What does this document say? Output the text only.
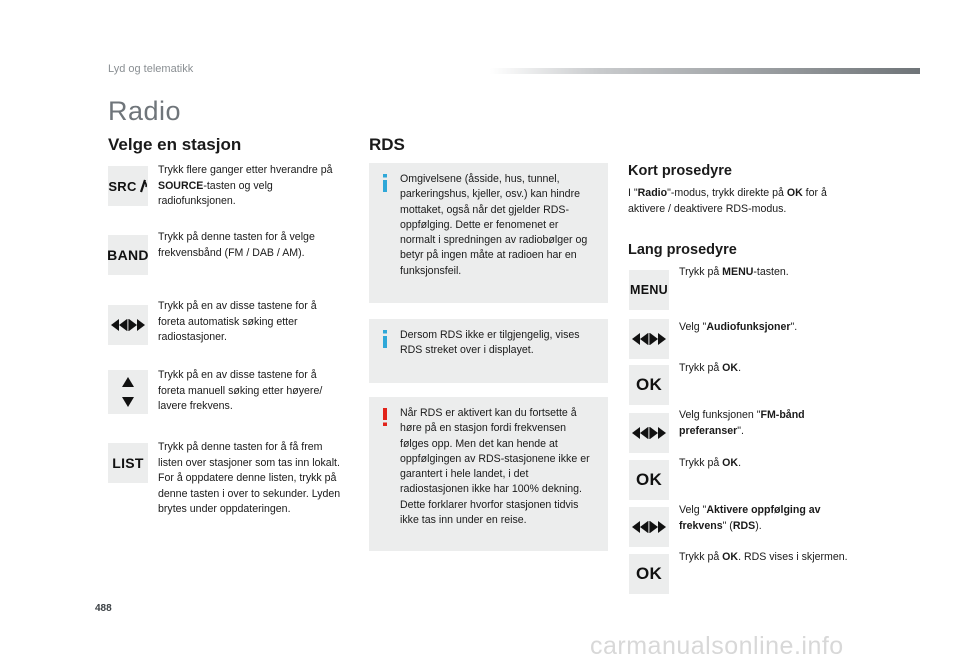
Lyd og telematikk
Radio
Velge en stasjon
SRC
Trykk flere ganger etter hverandre på SOURCE-tasten og velg radiofunksjonen.
BAND
Trykk på denne tasten for å velge frekvensbånd (FM / DAB / AM).
Trykk på en av disse tastene for å foreta automatisk søking etter radiostasjoner.
Trykk på en av disse tastene for å foreta manuell søking etter høyere/ lavere frekvens.
LIST
Trykk på denne tasten for å få frem listen over stasjoner som tas inn lokalt.
For å oppdatere denne listen, trykk på denne tasten i over to sekunder. Lyden brytes under oppdateringen.
RDS
Omgivelsene (åsside, hus, tunnel, parkeringshus, kjeller, osv.) kan hindre mottaket, også når det gjelder RDS-oppfølging. Dette er fenomenet er normalt i spredningen av radiobølger og betyr på ingen måte at radioen har en funksjonsfeil.
Dersom RDS ikke er tilgjengelig, vises RDS streket over i displayet.
Når RDS er aktivert kan du fortsette å høre på en stasjon fordi frekvensen følges opp. Men det kan hende at oppfølgingen av RDS-stasjonene ikke er garantert i hele landet, i det radiostasjonen ikke har 100% dekning. Dette forklarer hvorfor stasjonen tidvis ikke tas inn under en reise.
Kort prosedyre
I "Radio"-modus, trykk direkte på OK for å aktivere / deaktivere RDS-modus.
Lang prosedyre
MENU
Trykk på MENU-tasten.
Velg "Audiofunksjoner".
OK
Trykk på OK.
Velg funksjonen "FM-bånd preferanser".
OK
Trykk på OK.
Velg "Aktivere oppfølging av frekvens" (RDS).
OK
Trykk på OK. RDS vises i skjermen.
488
carmanualsonline.info
